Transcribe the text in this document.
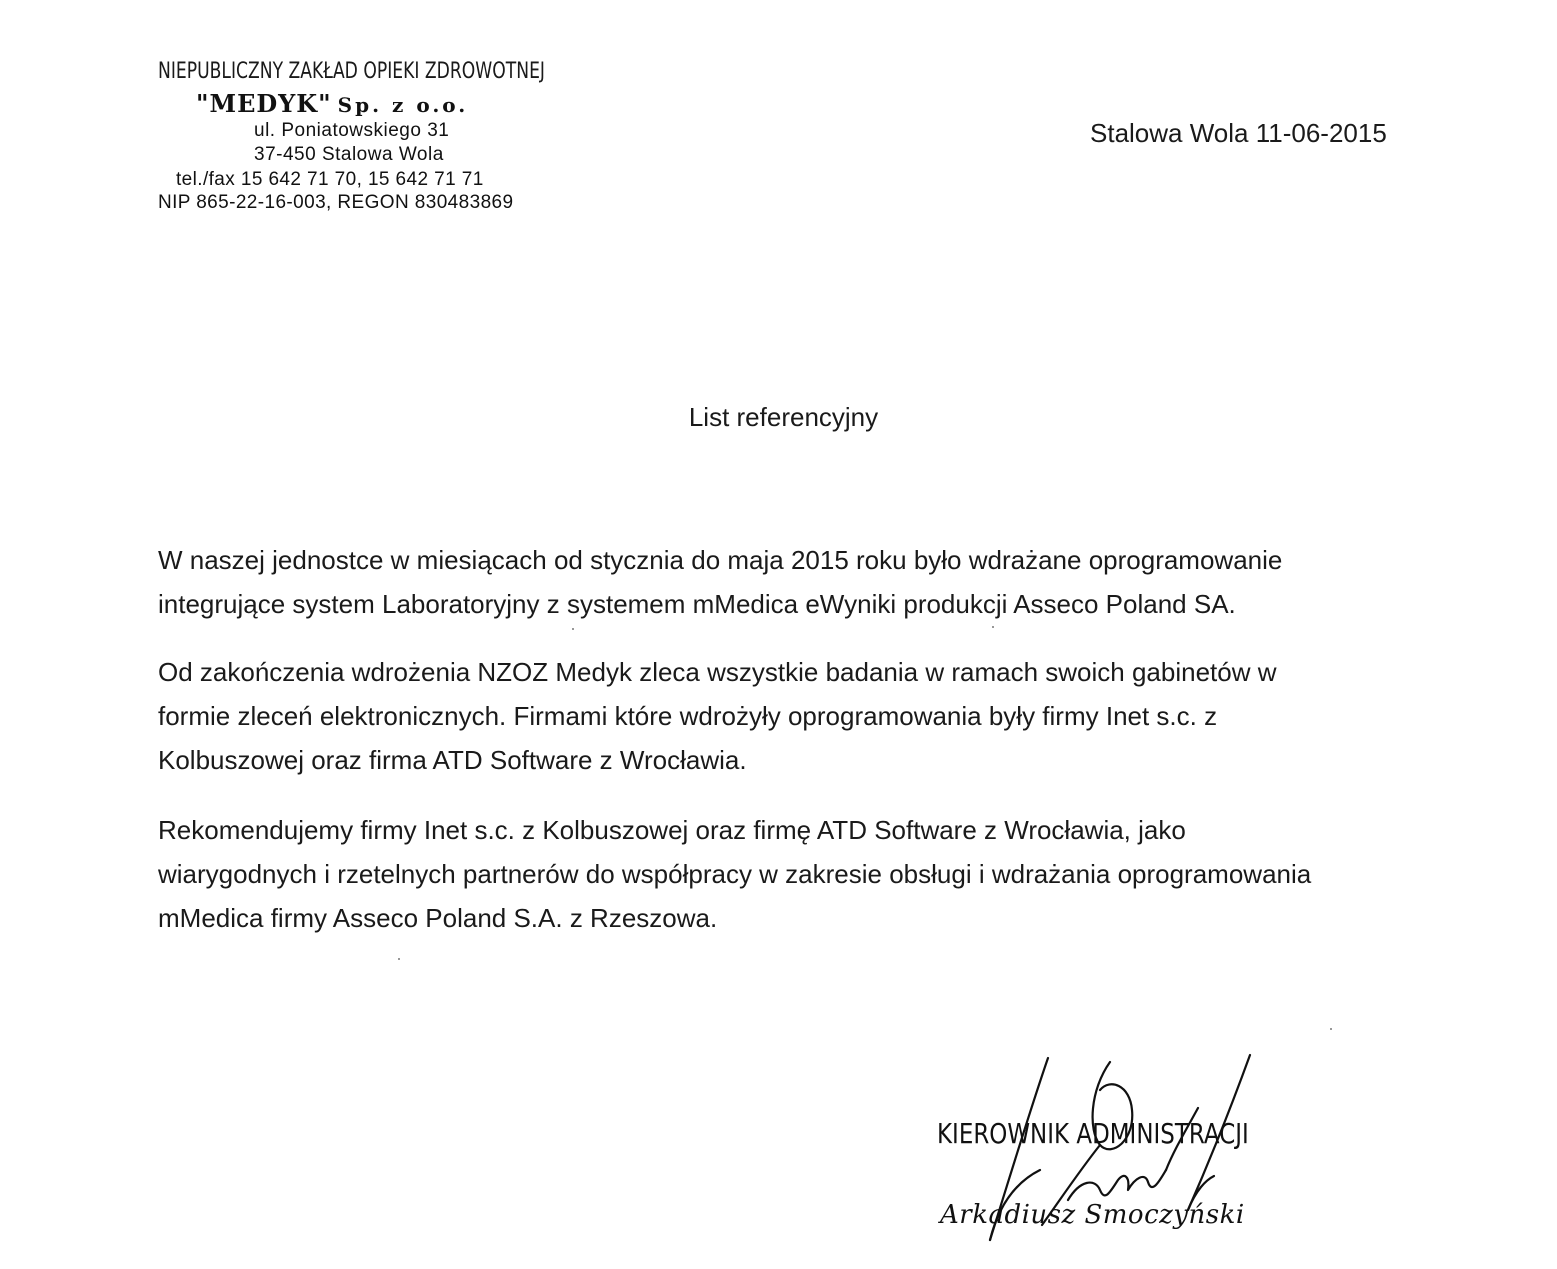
NIEPUBLICZNY ZAKŁAD OPIEKI ZDROWOTNEJ
"MEDYK" Sp. z o.o.
ul. Poniatowskiego 31
37-450 Stalowa Wola
tel./fax 15 642 71 70, 15 642 71 71
NIP 865-22-16-003, REGON 830483869
Stalowa Wola 11-06-2015
List referencyjny
W naszej jednostce w miesiącach od stycznia do maja 2015 roku było wdrażane oprogramowanie
integrujące system Laboratoryjny z systemem mMedica eWyniki produkcji Asseco Poland SA.
Od zakończenia wdrożenia NZOZ Medyk zleca wszystkie badania w ramach swoich gabinetów w
formie zleceń elektronicznych. Firmami które wdrożyły oprogramowania były firmy Inet s.c. z
Kolbuszowej oraz firma ATD Software z Wrocławia.
Rekomendujemy firmy Inet s.c. z Kolbuszowej oraz firmę ATD Software z Wrocławia, jako
wiarygodnych i rzetelnych partnerów do współpracy w zakresie obsługi i wdrażania oprogramowania
mMedica firmy Asseco Poland S.A. z Rzeszowa.
KIEROWNIK ADMINISTRACJI
Arkadiusz Smoczyński
